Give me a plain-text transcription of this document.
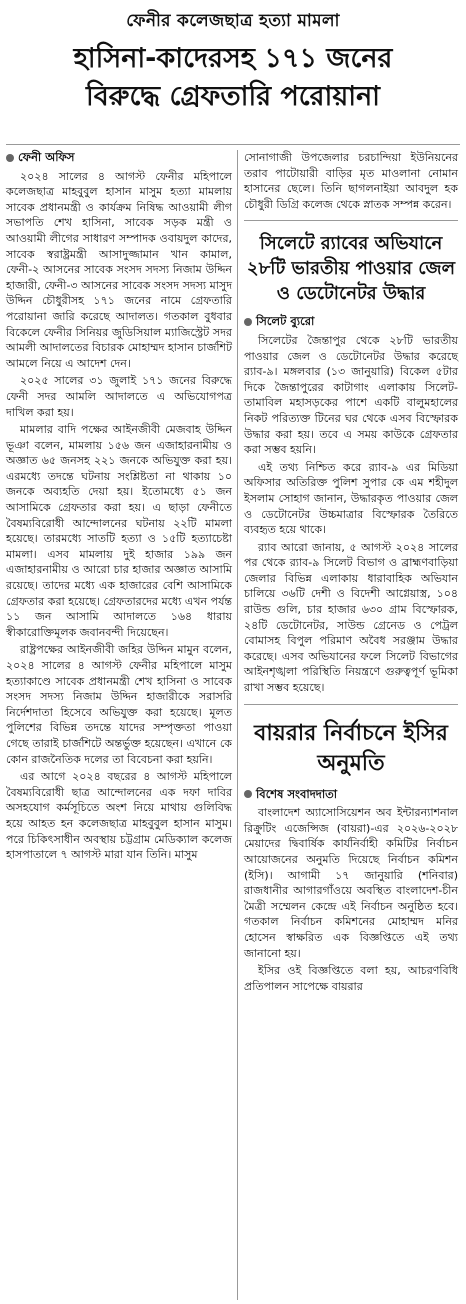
ফেনীর কলেজছাত্র হত্যা মামলা
হাসিনা-কাদেরসহ ১৭১ জনের
বিরুদ্ধে গ্রেফতারি পরোয়ানা
ফেনী অফিস

২০২৪ সালের ৪ আগস্ট ফেনীর মহিপালে কলেজছাত্র মাহবুবুল হাসান মাসুম হত্যা মামলায় সাবেক প্রধানমন্ত্রী ও কার্যক্রম নিষিদ্ধ আওয়ামী লীগ সভাপতি শেখ হাসিনা, সাবেক সড়ক মন্ত্রী ও আওয়ামী লীগের সাধারণ সম্পাদক ওবায়দুল কাদের, সাবেক স্বরাষ্ট্রমন্ত্রী আসাদুজ্জামান খান কামাল, ফেনী-২ আসনের সাবেক সংসদ সদস্য নিজাম উদ্দিন হাজারী, ফেনী-৩ আসনের সাবেক সংসদ সদস্য মাসুদ উদ্দিন চৌধুরীসহ ১৭১ জনের নামে গ্রেফতারি পরোয়ানা জারি করেছে আদালত। গতকাল বুধবার বিকেলে ফেনীর সিনিয়র জুডিসিয়াল ম্যাজিস্ট্রেট সদর আমলী আদালতের বিচারক মোহাম্মদ হাসান চার্জশিট আমলে নিয়ে এ আদেশ দেন।

২০২৫ সালের ৩১ জুলাই ১৭১ জনের বিরুদ্ধে ফেনী সদর আমলি আদালতে এ অভিযোগপত্র দাখিল করা হয়।

মামলার বাদি পক্ষের আইনজীবী মেজবাহ উদ্দিন ভূঞা বলেন, মামলায় ১৫৬ জন এজাহারনামীয় ও অজ্ঞাত ৬৫ জনসহ ২২১ জনকে অভিযুক্ত করা হয়। এরমধ্যে তদন্তে ঘটনায় সংশ্লিষ্টতা না থাকায় ১০ জনকে অব্যহতি দেয়া হয়। ইতোমধ্যে ৫১ জন আসামিকে গ্রেফতার করা হয়। এ ছাড়া ফেনীতে বৈষম্যবিরোধী আন্দোলনের ঘটনায় ২২টি মামলা হয়েছে। তারমধ্যে সাতটি হত্যা ও ১৫টি হত্যাচেষ্টা মামলা। এসব মামলায় দুই হাজার ১৯৯ জন এজাহারনামীয় ও আরো চার হাজার অজ্ঞাত আসামি রয়েছে। তাদের মধ্যে এক হাজারের বেশি আসামিকে গ্রেফতার করা হয়েছে। গ্রেফতারদের মধ্যে এখন পর্যন্ত ১১ জন আসামি আদালতে ১৬৪ ধারায় স্বীকারোক্তিমূলক জবানবন্দী দিয়েছেন।

রাষ্ট্রপক্ষের আইনজীবী জহির উদ্দিন মামুন বলেন, ২০২৪ সালের ৪ আগস্ট ফেনীর মহিপালে মাসুম হত্যাকাণ্ডে সাবেক প্রধানমন্ত্রী শেখ হাসিনা ও সাবেক সংসদ সদস্য নিজাম উদ্দিন হাজারীকে সরাসরি নির্দেশদাতা হিসেবে অভিযুক্ত করা হয়েছে। মূলত পুলিশের বিভিন্ন তদন্তে যাদের সম্পৃক্ততা পাওয়া গেছে তারাই চার্জশিটে অন্তর্ভুক্ত হয়েছেন। এখানে কে কোন রাজনৈতিক দলের তা বিবেচনা করা হয়নি।

এর আগে ২০২৪ বছরের ৪ আগস্ট মহিপালে বৈষম্যবিরোধী ছাত্র আন্দোলনের এক দফা দাবির অসহযোগ কর্মসূচিতে অংশ নিয়ে মাথায় গুলিবিদ্ধ হয়ে আহত হন কলেজছাত্র মাহবুবুল হাসান মাসুম। পরে চিকিৎসাধীন অবস্থায় চট্টগ্রাম মেডিক্যাল কলেজ হাসপাতালে ৭ আগস্ট মারা যান তিনি। মাসুম

সোনাগাজী উপজেলার চরচান্দিয়া ইউনিয়নের তরাব পাটোয়ারী বাড়ির মৃত মাওলানা নোমান হাসানের ছেলে। তিনি ছাগলনাইয়া আবদুল হক চৌধুরী ডিগ্রি কলেজ থেকে স্নাতক সম্পন্ন করেন।

সিলেটে র‍্যাবের অভিযানে ২৮টি ভারতীয় পাওয়ার জেল ও ডেটোনেটর উদ্ধার
সিলেট ব্যুরো

সিলেটের জৈন্তাপুর থেকে ২৮টি ভারতীয় পাওয়ার জেল ও ডেটোনেটর উদ্ধার করেছে র‍্যাব-৯। মঙ্গলবার (১৩ জানুয়ারি) বিকেল ৫টার দিকে জৈন্তাপুরের কাটাগাং এলাকায় সিলেট-তামাবিল মহাসড়কের পাশে একটি বালুমহালের নিকট পরিত্যক্ত টিনের ঘর থেকে এসব বিস্ফোরক উদ্ধার করা হয়। তবে এ সময় কাউকে গ্রেফতার করা সম্ভব হয়নি।

এই তথ্য নিশ্চিত করে র‍্যাব-৯ এর মিডিয়া অফিসার অতিরিক্ত পুলিশ সুপার কে এম শহীদুল ইসলাম সোহাগ জানান, উদ্ধারকৃত পাওয়ার জেল ও ডেটোনেটর উচ্চমাত্রার বিস্ফোরক তৈরিতে ব্যবহৃত হয়ে থাকে।

র‍্যাব আরো জানায়, ৫ আগস্ট ২০২৪ সালের পর থেকে র‍্যাব-৯ সিলেট বিভাগ ও ব্রাহ্মণবাড়িয়া জেলার বিভিন্ন এলাকায় ধারাবাহিক অভিযান চালিয়ে ৩৬টি দেশী ও বিদেশী আগ্নেয়াস্ত্র, ১০৪ রাউন্ড গুলি, চার হাজার ৬৩০ গ্রাম বিস্ফোরক, ২৪টি ডেটোনেটর, সাউন্ড গ্রেনেড ও পেট্রল বোমাসহ বিপুল পরিমাণ অবৈধ সরঞ্জাম উদ্ধার করেছে। এসব অভিযানের ফলে সিলেট বিভাগের আইনশৃঙ্খলা পরিস্থিতি নিয়ন্ত্রণে গুরুত্বপূর্ণ ভূমিকা রাখা সম্ভব হয়েছে।

বায়রার নির্বাচনে ইসির অনুমতি
বিশেষ সংবাদদাতা

বাংলাদেশ অ্যাসোসিয়েশন অব ইন্টারন্যাশনাল রিক্রুটিং এজেন্সিজ (বায়রা)-এর ২০২৬-২০২৮ মেয়াদের দ্বিবার্ষিক কার্যনির্বাহী কমিটির নির্বাচন আয়োজনের অনুমতি দিয়েছে নির্বাচন কমিশন (ইসি)। আগামী ১৭ জানুয়ারি (শনিবার) রাজধানীর আগারগাঁওয়ে অবস্থিত বাংলাদেশ-চীন মৈত্রী সম্মেলন কেন্দ্রে এই নির্বাচন অনুষ্ঠিত হবে। গতকাল নির্বাচন কমিশনের মোহাম্মদ মনির হোসেন স্বাক্ষরিত এক বিজ্ঞপ্তিতে এই তথ্য জানানো হয়।

ইসির ওই বিজ্ঞপ্তিতে বলা হয়, আচরণবিধি প্রতিপালন সাপেক্ষে বায়রার
